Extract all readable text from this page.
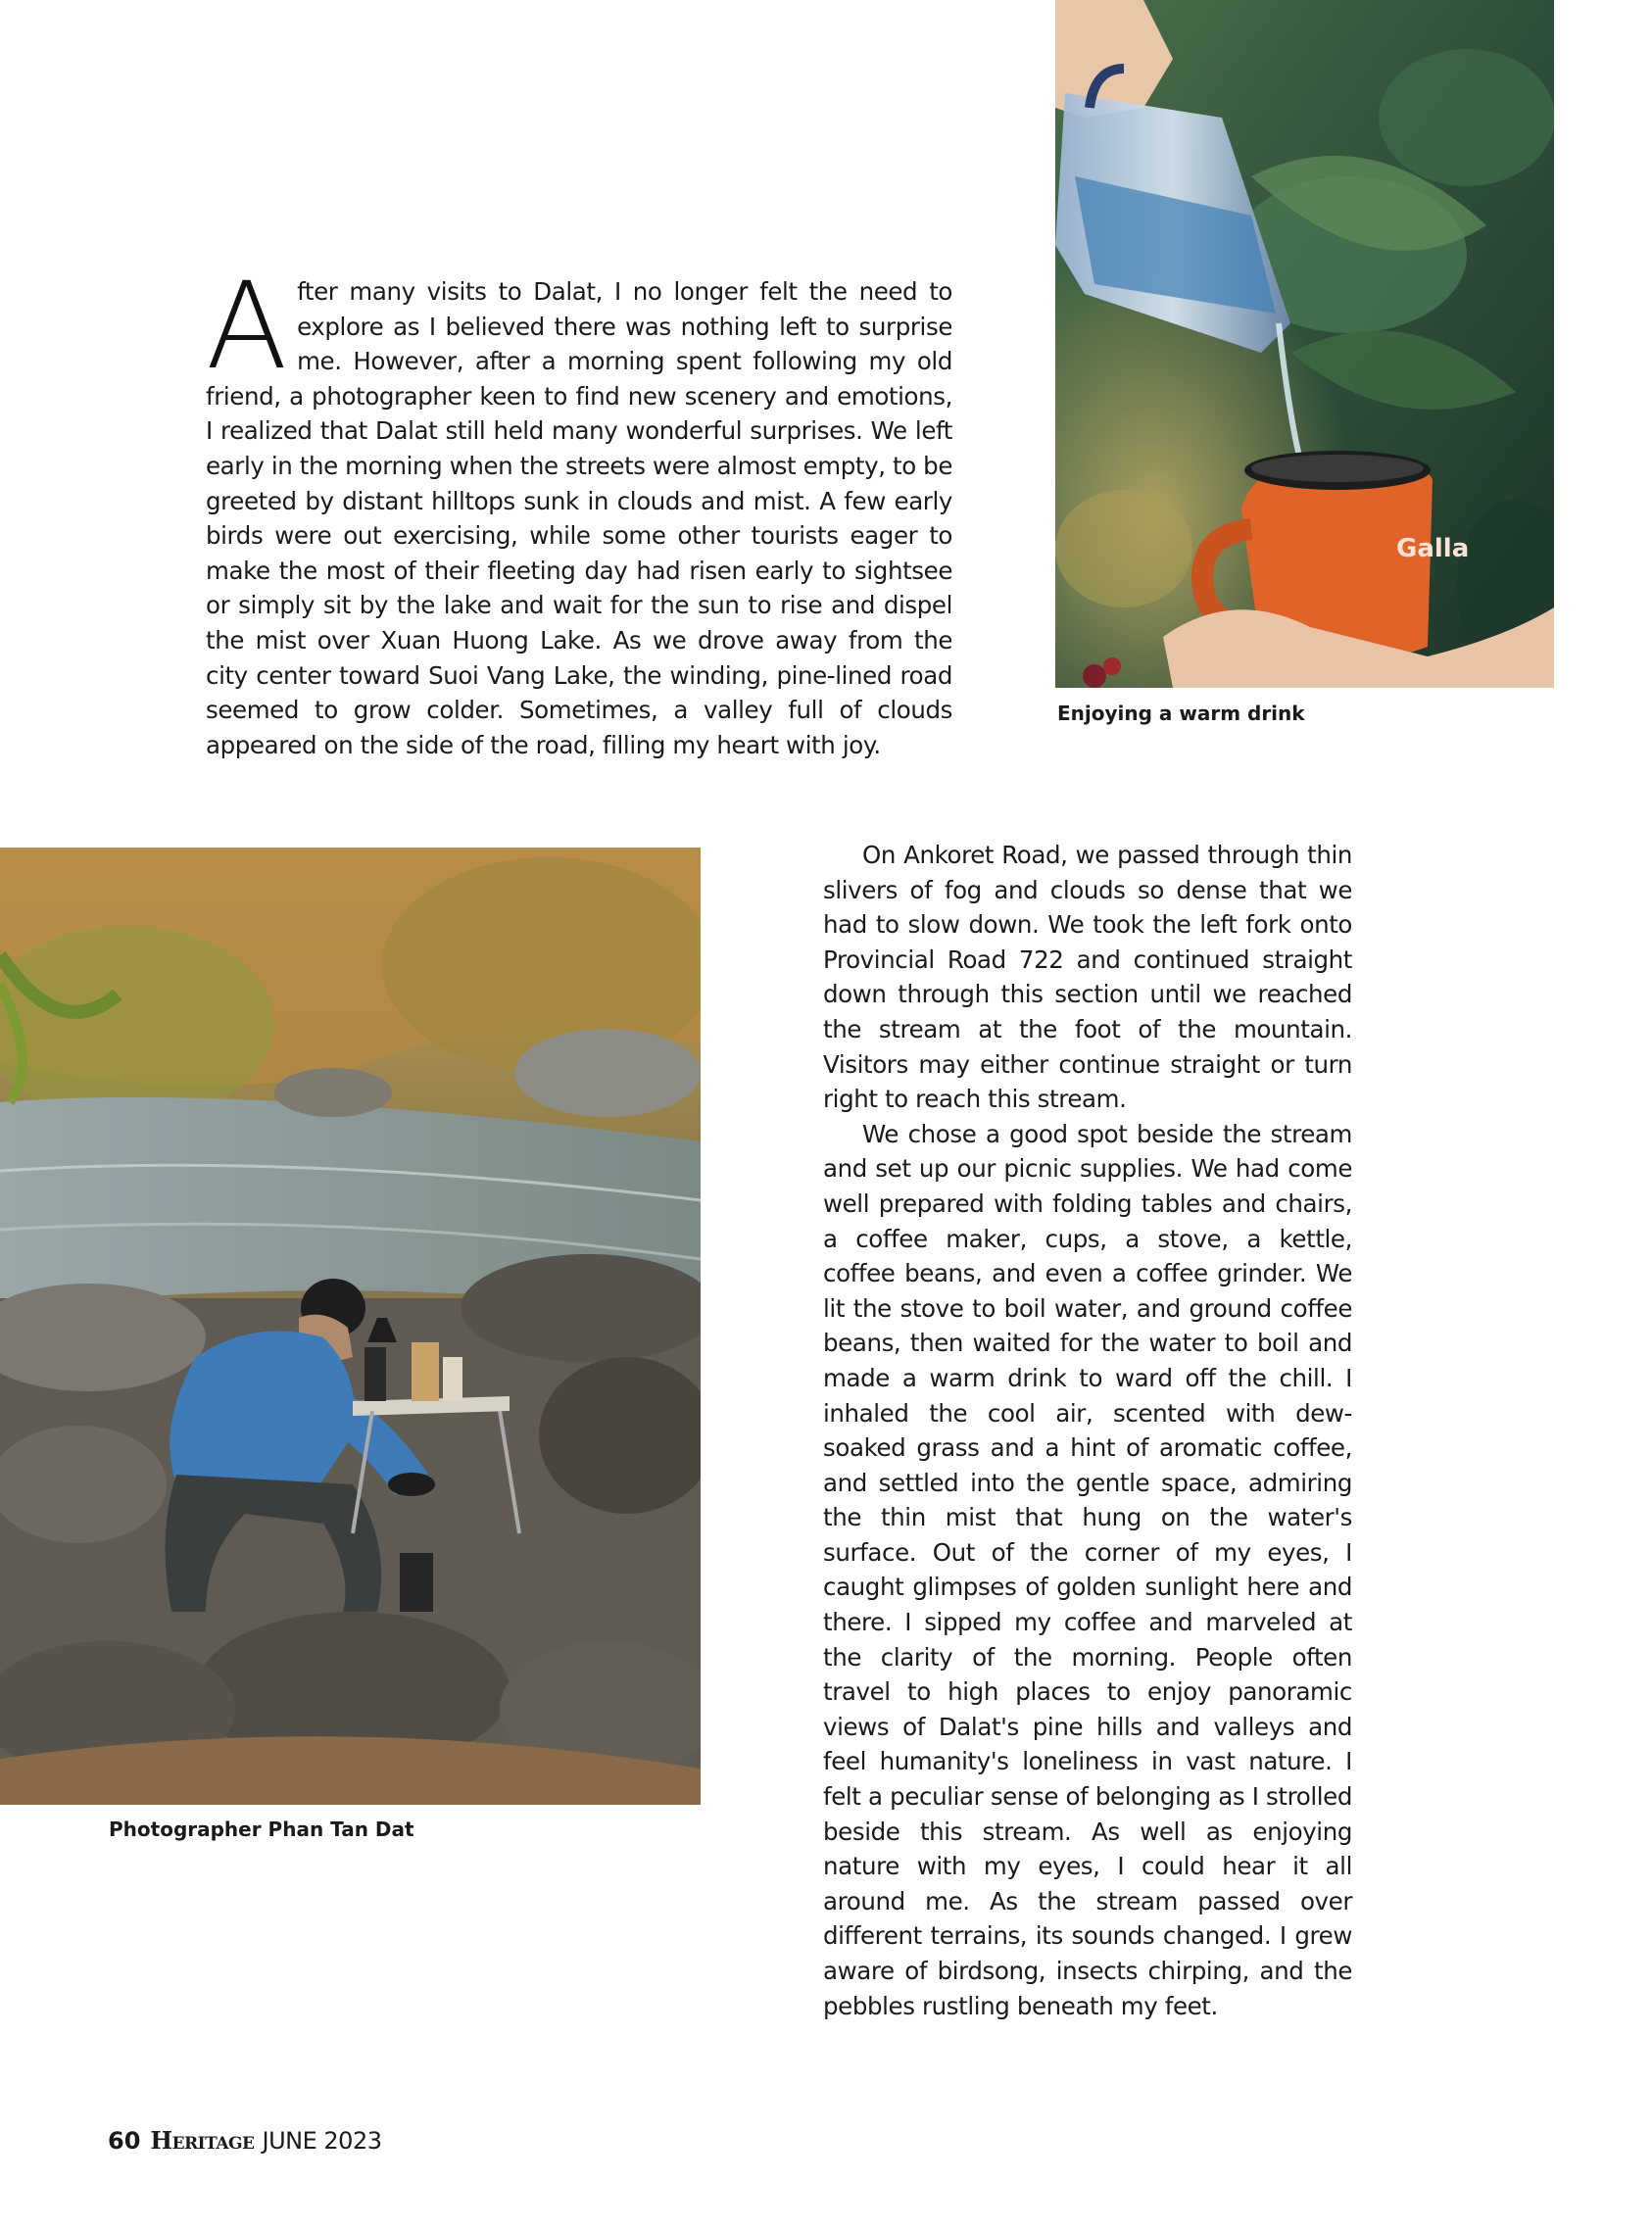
Galla
Enjoying a warm drink

After many visits to Dalat, I no longer felt the need to explore as I believed there was nothing left to surprise me. However, after a morning spent following my old friend, a photographer keen to find new scenery and emotions, I realized that Dalat still held many wonderful surprises. We left early in the morning when the streets were almost empty, to be greeted by distant hilltops sunk in clouds and mist. A few early birds were out exercising, while some other tourists eager to make the most of their fleeting day had risen early to sightsee or simply sit by the lake and wait for the sun to rise and dispel the mist over Xuan Huong Lake. As we drove away from the city center toward Suoi Vang Lake, the winding, pine-lined road seemed to grow colder. Sometimes, a valley full of clouds appeared on the side of the road, filling my heart with joy.

Photographer Phan Tan Dat

On Ankoret Road, we passed through thin slivers of fog and clouds so dense that we had to slow down. We took the left fork onto Provincial Road 722 and continued straight down through this section until we reached the stream at the foot of the mountain. Visitors may either continue straight or turn right to reach this stream.

We chose a good spot beside the stream and set up our picnic supplies. We had come well prepared with folding tables and chairs, a coffee maker, cups, a stove, a kettle, coffee beans, and even a coffee grinder. We lit the stove to boil water, and ground coffee beans, then waited for the water to boil and made a warm drink to ward off the chill. I inhaled the cool air, scented with dew-soaked grass and a hint of aromatic coffee, and settled into the gentle space, admiring the thin mist that hung on the water's surface. Out of the corner of my eyes, I caught glimpses of golden sunlight here and there. I sipped my coffee and marveled at the clarity of the morning. People often travel to high places to enjoy panoramic views of Dalat's pine hills and valleys and feel humanity's loneliness in vast nature. I felt a peculiar sense of belonging as I strolled beside this stream. As well as enjoying nature with my eyes, I could hear it all around me. As the stream passed over different terrains, its sounds changed. I grew aware of birdsong, insects chirping, and the pebbles rustling beneath my feet.

60 Heritage JUNE 2023
